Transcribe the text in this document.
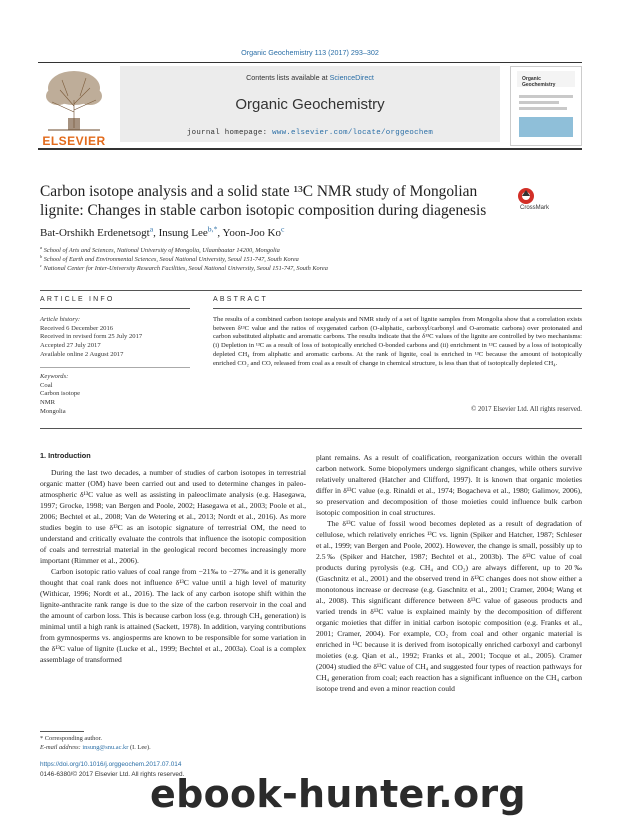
Organic Geochemistry 113 (2017) 293–302
ELSEVIER
Contents lists available at ScienceDirect
Organic Geochemistry
journal homepage: www.elsevier.com/locate/orggeochem
Organic Geochemistry
Carbon isotope analysis and a solid state ¹³C NMR study of Mongolian lignite: Changes in stable carbon isotopic composition during diagenesis	CrossMark
Bat-Orshikh Erdenetsogt$^a$, Insung Lee$^{b,*}$, Yoon-Joo Ko$^c$
$^a$ School of Arts and Sciences, National University of Mongolia, Ulaanbaatar 14200, Mongolia
$^b$ School of Earth and Environmental Sciences, Seoul National University, Seoul 151-747, South Korea
$^c$ National Center for Inter-University Research Facilities, Seoul National University, Seoul 151-747, South Korea
ARTICLE INFO	ABSTRACT
Article history:
Received 6 December 2016
Received in revised form 25 July 2017
Accepted 27 July 2017
Available online 2 August 2017
Keywords:
Coal
Carbon isotope
NMR
Mongolia
The results of a combined carbon isotope analysis and NMR study of a set of lignite samples from Mongolia show that a correlation exists between δ¹³C value and the ratios of oxygenated carbon (O-aliphatic, carboxyl/carbonyl and O-aromatic carbons) over protonated and carbon substituted aliphatic and aromatic carbons. The results indicate that the δ¹³C values of the lignite are controlled by two mechanisms: (i) Depletion in ¹³C as a result of loss of isotopically enriched O-bonded carbons and (ii) enrichment in ¹³C caused by a loss of isotopically depleted CH₄ from aliphatic and aromatic carbons. At the rank of lignite, coal is enriched in ¹³C because the amount of isotopically enriched CO₂ and CO, released from coal as a result of change in chemical structure, is less than that of isotopically depleted CH₄.
© 2017 Elsevier Ltd. All rights reserved.
1. Introduction

During the last two decades, a number of studies of carbon isotopes in terrestrial organic matter (OM) have been carried out and used to determine changes in paleo-atmospheric δ¹³C value as well as assisting in paleoclimate analysis (e.g. Hasegawa, 1997; Grocke, 1998; van Bergen and Poole, 2002; Hasegawa et al., 2003; Poole et al., 2006; Bechtel et al., 2008; Van de Wetering et al., 2013; Nordt et al., 2016). As more studies begin to use δ¹³C as an isotopic signature of terrestrial OM, the need to understand and critically evaluate the controls that influence the isotopic composition of coals and terrestrial material in the geological record becomes increasingly more important (Rimmer et al., 2006).

Carbon isotopic ratio values of coal range from −21‰ to −27‰ and it is generally thought that coal rank does not influence δ¹³C value until a high level of maturity (Withicar, 1996; Nordt et al., 2016). The lack of any carbon isotope shift within the lignite-anthracite rank range is due to the size of the carbon reservoir in the coal and the amount of carbon loss. This is because carbon loss (e.g. through CH₄ generation) is minimal until a high rank is attained (Sackett, 1978). In addition, varying contributions from gymnosperms vs. angiosperms are known to be responsible for some variation in the δ¹³C value of lignite (Lucke et al., 1999; Bechtel et al., 2003a). Coal is a complex assemblage of transformed

plant remains. As a result of coalification, reorganization occurs within the overall carbon network. Some biopolymers undergo significant changes, while others survive relatively unaltered (Hatcher and Clifford, 1997). It is known that organic moieties differ in δ¹³C value (e.g. Rinaldi et al., 1974; Bogacheva et al., 1980; Galimov, 2006), so preservation and decomposition of those moieties could influence bulk carbon isotopic composition in coal structures.

The δ¹³C value of fossil wood becomes depleted as a result of degradation of cellulose, which relatively enriches ¹³C vs. lignin (Spiker and Hatcher, 1987; Schleser et al., 1999; van Bergen and Poole, 2002). However, the change is small, possibly up to 2.5‰ (Spiker and Hatcher, 1987; Bechtel et al., 2003b). The δ¹³C value of coal products during pyrolysis (e.g. CH₄ and CO₂) are always different, up to 20‰ (Gaschnitz et al., 2001) and the observed trend in δ¹³C changes does not show either a monotonous increase or decrease (e.g. Gaschnitz et al., 2001; Cramer, 2004; Wang et al., 2008). This significant difference between δ¹³C value of gaseous products and varied trends in δ¹³C value is explained mainly by the decomposition of different organic moieties that differ in initial carbon isotopic composition (e.g. Franks et al., 2001; Cramer, 2004). For example, CO₂ from coal and other organic material is enriched in ¹³C because it is derived from isotopically enriched carboxyl and carbonyl moieties (e.g. Qian et al., 1992; Franks et al., 2001; Tocque et al., 2005). Cramer (2004) studied the δ¹³C value of CH₄ and suggested four types of reaction pathways for CH₄ generation from coal; each reaction has a significant influence on the CH₄ carbon isotope trend and even a minor reaction could

* Corresponding author.
E-mail address: insung@snu.ac.kr (I. Lee).
https://doi.org/10.1016/j.orggeochem.2017.07.014
0146-6380/© 2017 Elsevier Ltd. All rights reserved.
ebook-hunter.org
